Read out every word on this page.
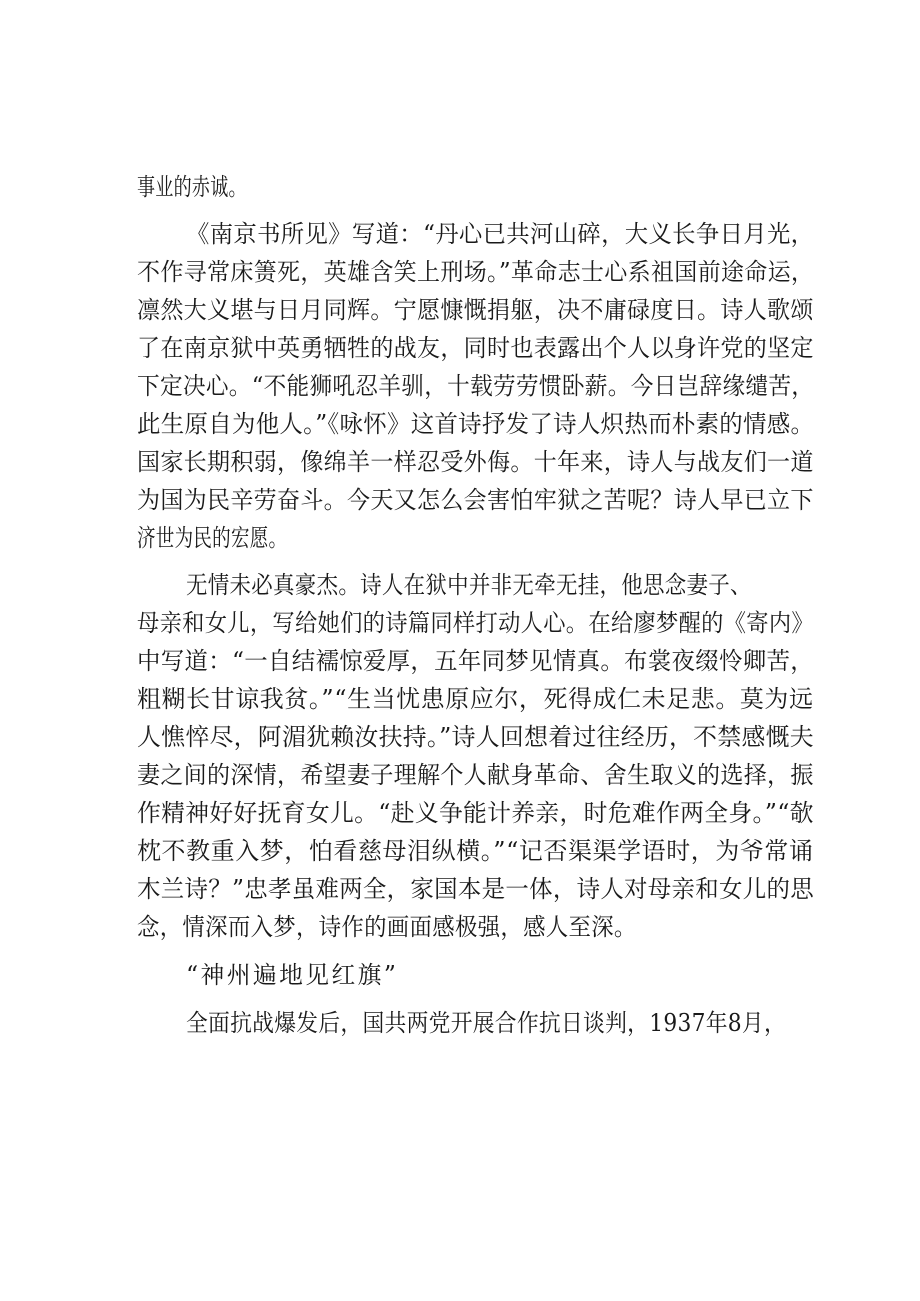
事业的赤诚。
《南京书所见》写道：“丹心已共河山碎，大义长争日月光，
不作寻常床箦死，英雄含笑上刑场。”革命志士心系祖国前途命运，
凛然大义堪与日月同辉。宁愿慷慨捐躯，决不庸碌度日。诗人歌颂
了在南京狱中英勇牺牲的战友，同时也表露出个人以身许党的坚定
下定决心。“不能狮吼忍羊驯，十载劳劳惯卧薪。今日岂辞缘缱苦，
此生原自为他人。”《咏怀》这首诗抒发了诗人炽热而朴素的情感。
国家长期积弱，像绵羊一样忍受外侮。十年来，诗人与战友们一道
为国为民辛劳奋斗。今天又怎么会害怕牢狱之苦呢？诗人早已立下
济世为民的宏愿。
无情未必真豪杰。诗人在狱中并非无牵无挂，他思念妻子、
母亲和女儿，写给她们的诗篇同样打动人心。在给廖梦醒的《寄内》
中写道：“一自结襦惊爱厚，五年同梦见情真。布裳夜缀怜卿苦，
粗糊长甘谅我贫。”“生当忧患原应尔，死得成仁未足悲。莫为远
人憔悴尽，阿湄犹赖汝扶持。”诗人回想着过往经历，不禁感慨夫
妻之间的深情，希望妻子理解个人献身革命、舍生取义的选择，振
作精神好好抚育女儿。“赴义争能计养亲，时危难作两全身。”“欹
枕不教重入梦，怕看慈母泪纵横。”“记否渠渠学语时，为爷常诵
木兰诗？”忠孝虽难两全，家国本是一体，诗人对母亲和女儿的思
念，情深而入梦，诗作的画面感极强，感人至深。
“神州遍地见红旗”
全面抗战爆发后，国共两党开展合作抗日谈判，1937年8月，
